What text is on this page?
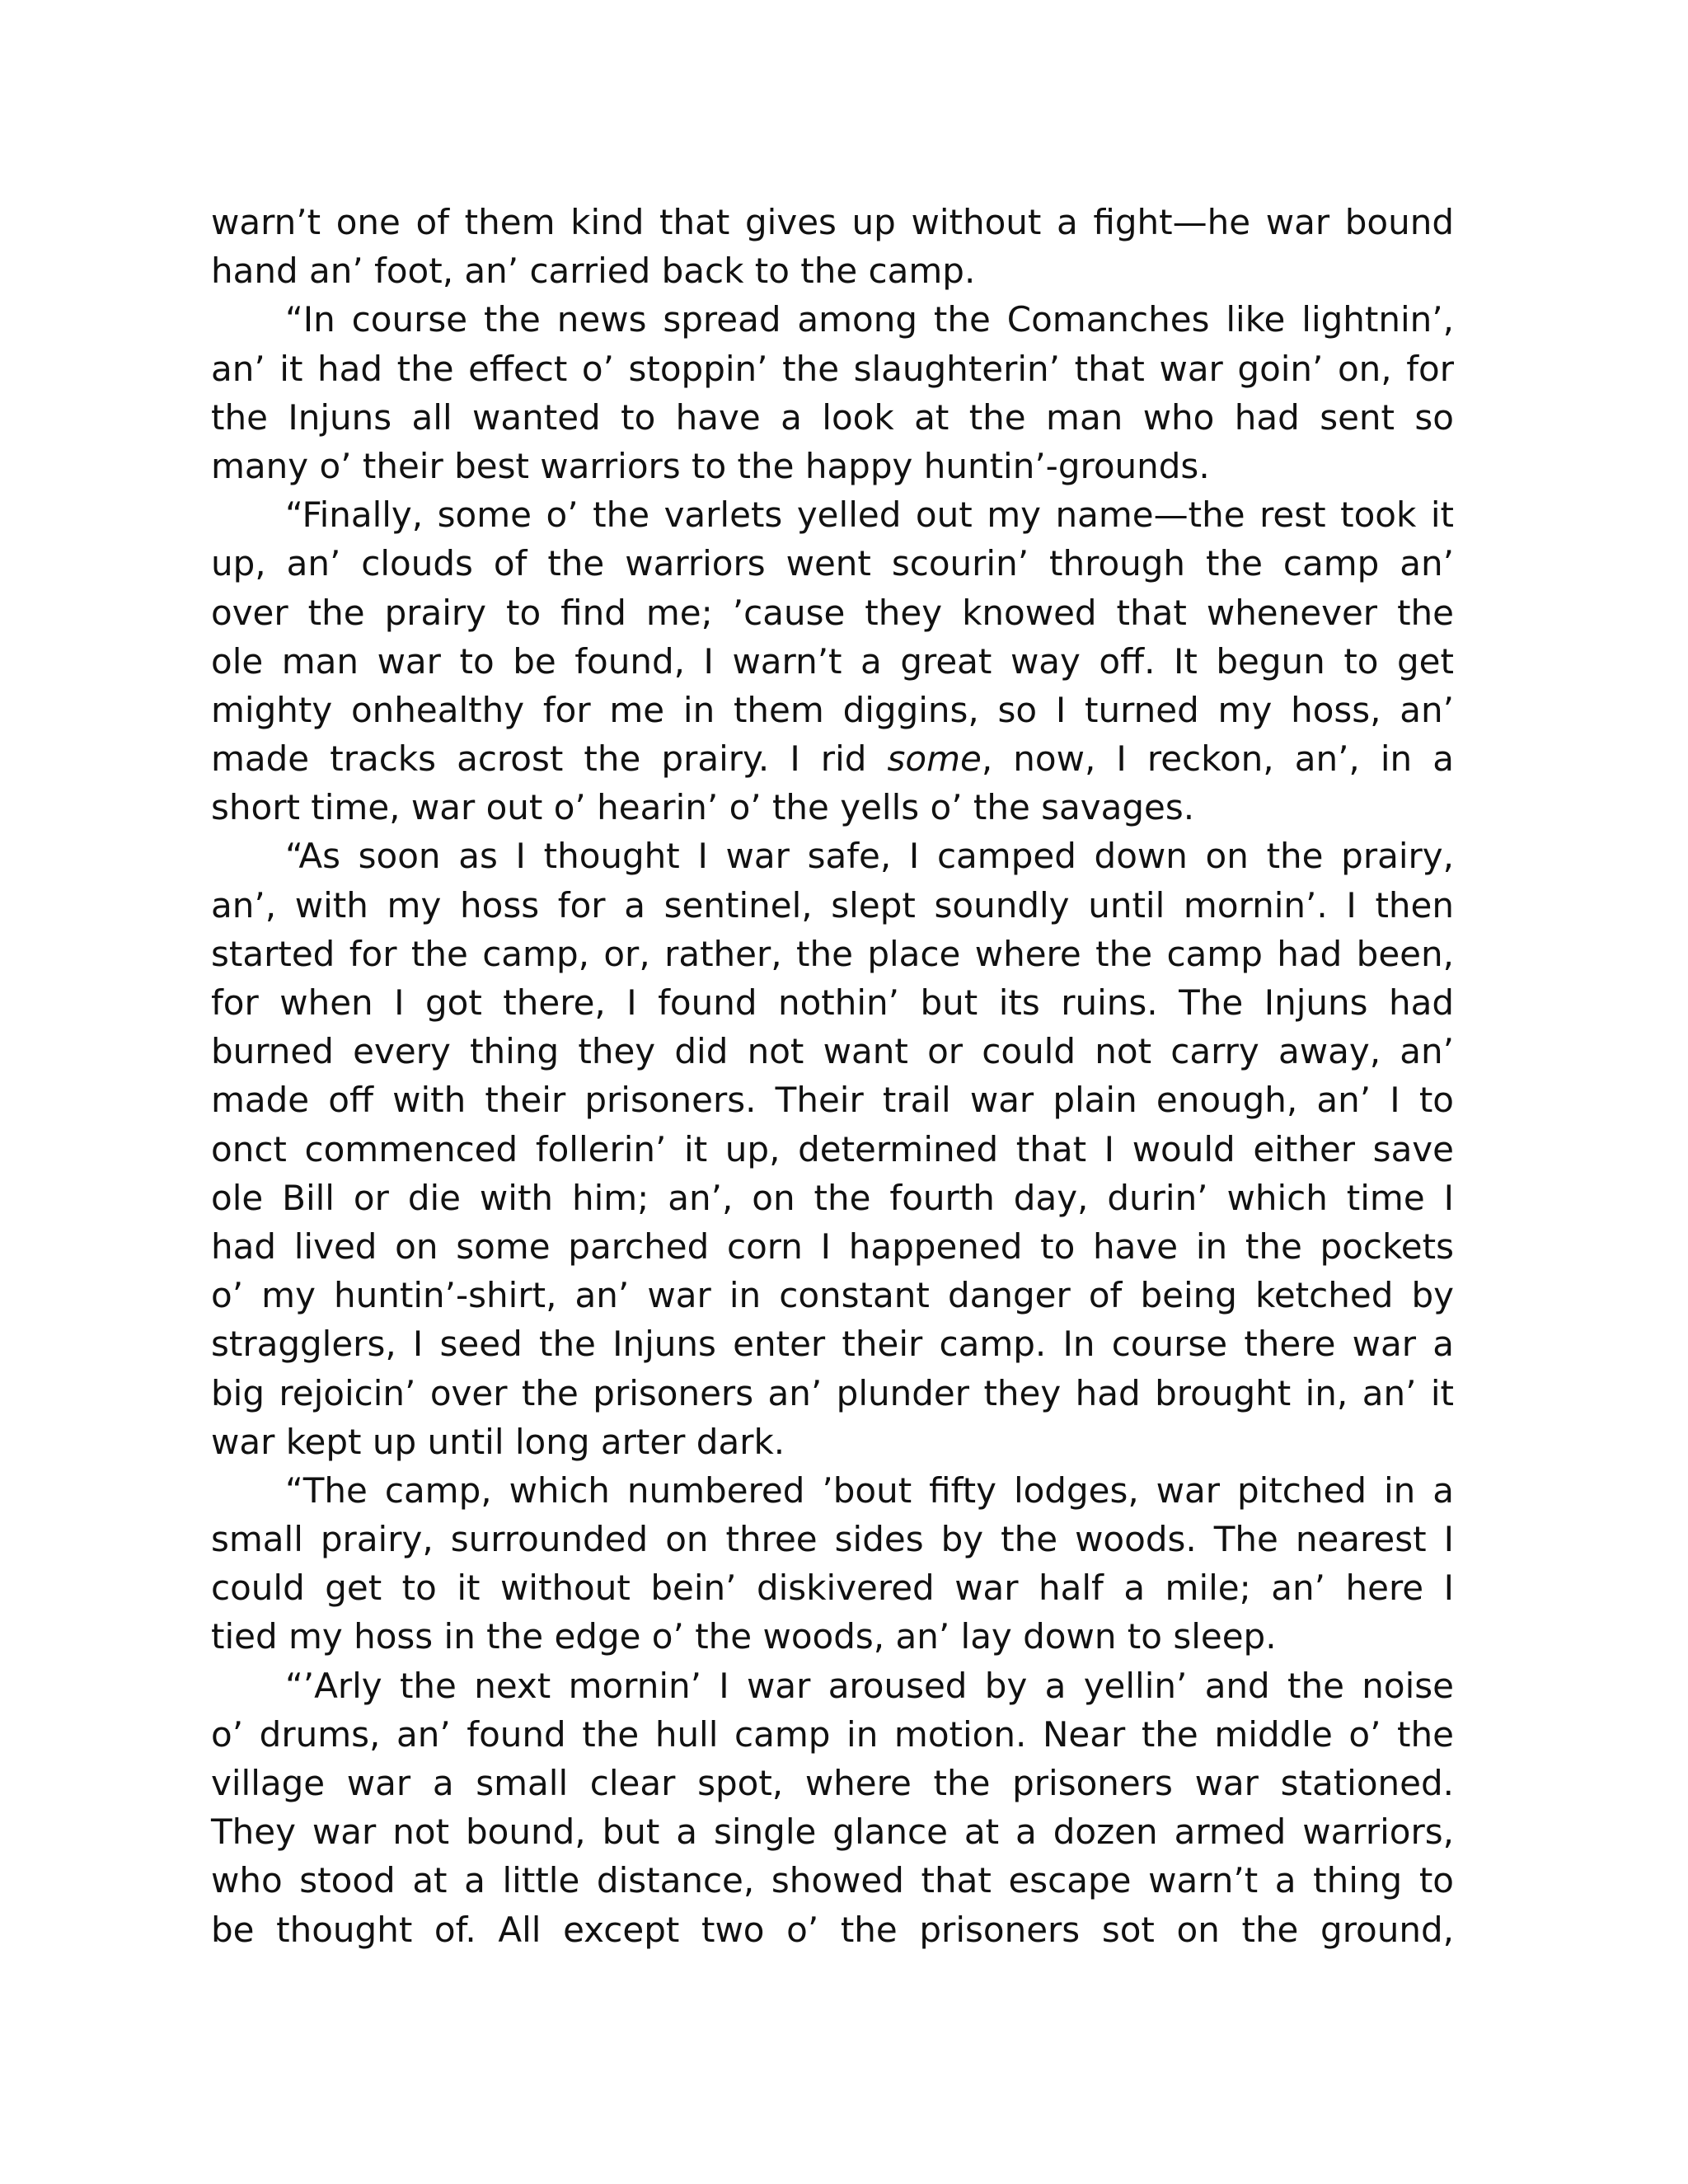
warn’t one of them kind that gives up without a fight—he war bound
hand an’ foot, an’ carried back to the camp.
“In course the news spread among the Comanches like lightnin’,
an’ it had the effect o’ stoppin’ the slaughterin’ that war goin’ on, for
the Injuns all wanted to have a look at the man who had sent so
many o’ their best warriors to the happy huntin’-grounds.
“Finally, some o’ the varlets yelled out my name—the rest took it
up, an’ clouds of the warriors went scourin’ through the camp an’
over the prairy to find me; ’cause they knowed that whenever the
ole man war to be found, I warn’t a great way off. It begun to get
mighty onhealthy for me in them diggins, so I turned my hoss, an’
made tracks acrost the prairy. I rid some, now, I reckon, an’, in a
short time, war out o’ hearin’ o’ the yells o’ the savages.
“As soon as I thought I war safe, I camped down on the prairy,
an’, with my hoss for a sentinel, slept soundly until mornin’. I then
started for the camp, or, rather, the place where the camp had been,
for when I got there, I found nothin’ but its ruins. The Injuns had
burned every thing they did not want or could not carry away, an’
made off with their prisoners. Their trail war plain enough, an’ I to
onct commenced follerin’ it up, determined that I would either save
ole Bill or die with him; an’, on the fourth day, durin’ which time I
had lived on some parched corn I happened to have in the pockets
o’ my huntin’-shirt, an’ war in constant danger of being ketched by
stragglers, I seed the Injuns enter their camp. In course there war a
big rejoicin’ over the prisoners an’ plunder they had brought in, an’ it
war kept up until long arter dark.
“The camp, which numbered ’bout fifty lodges, war pitched in a
small prairy, surrounded on three sides by the woods. The nearest I
could get to it without bein’ diskivered war half a mile; an’ here I
tied my hoss in the edge o’ the woods, an’ lay down to sleep.
“’Arly the next mornin’ I war aroused by a yellin’ and the noise
o’ drums, an’ found the hull camp in motion. Near the middle o’ the
village war a small clear spot, where the prisoners war stationed.
They war not bound, but a single glance at a dozen armed warriors,
who stood at a little distance, showed that escape warn’t a thing to
be thought of. All except two o’ the prisoners sot on the ground,
